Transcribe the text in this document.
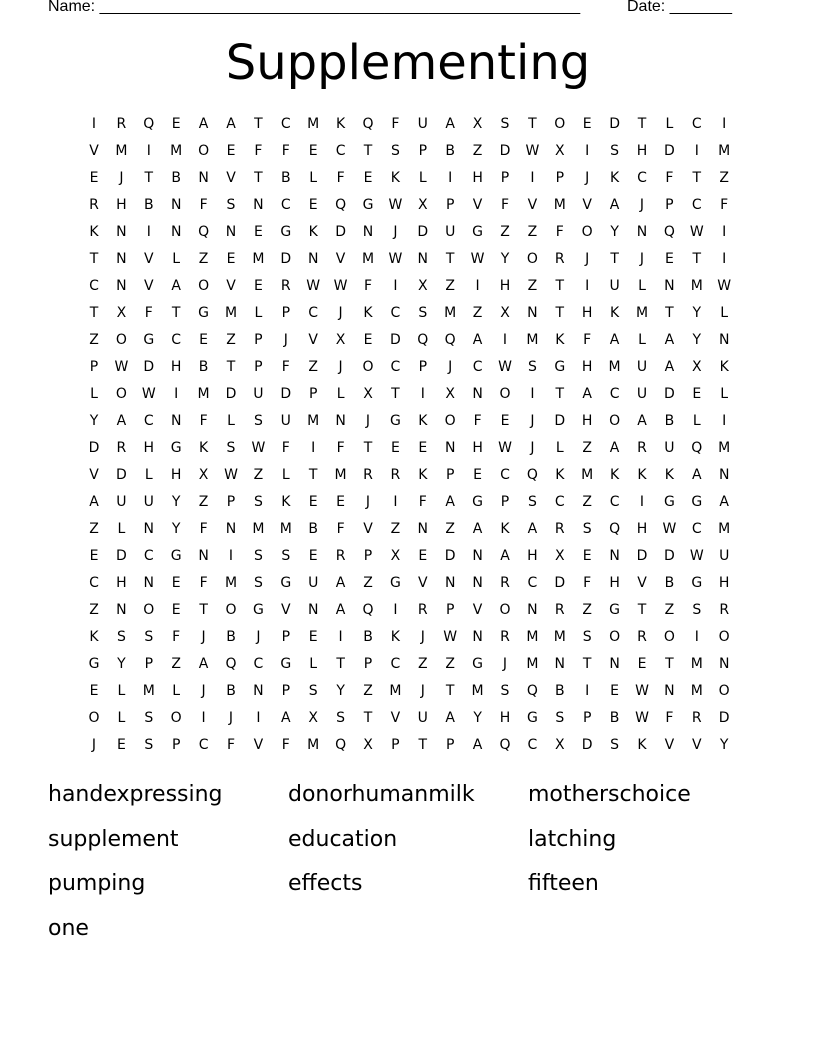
Name: ______________________________________________________	Date: _______
Supplementing
I	R	Q	E	A	A	T	C	M	K	Q	F	U	A	X	S	T	O	E	D	T	L	C	I
V	M	I	M	O	E	F	F	E	C	T	S	P	B	Z	D	W	X	I	S	H	D	I	M
E	J	T	B	N	V	T	B	L	F	E	K	L	I	H	P	I	P	J	K	C	F	T	Z
R	H	B	N	F	S	N	C	E	Q	G	W	X	P	V	F	V	M	V	A	J	P	C	F
K	N	I	N	Q	N	E	G	K	D	N	J	D	U	G	Z	Z	F	O	Y	N	Q	W	I
T	N	V	L	Z	E	M	D	N	V	M	W	N	T	W	Y	O	R	J	T	J	E	T	I
C	N	V	A	O	V	E	R	W W	F	I	X	Z	I	H	Z	T	I	U	L	N	M	W
T	X	F	T	G	M	L	P	C	J	K	C	S	M	Z	X	N	T	H	K	M	T	Y	L
Z	O	G	C	E	Z	P	J	V	X	E	D	Q	Q	A	I	M	K	F	A	L	A	Y	N
P	W	D	H	B	T	P	F	Z	J	O	C	P	J	C	W	S	G	H	M	U	A	X	K
L	O	W	I	M	D	U	D	P	L	X	T	I	X	N	O	I	T	A	C	U	D	E	L
Y	A	C	N	F	L	S	U	M	N	J	G	K	O	F	E	J	D	H	O	A	B	L	I
D	R	H	G	K	S	W	F	I	F	T	E	E	N	H	W	J	L	Z	A	R	U	Q	M
V	D	L	H	X	W	Z	L	T	M	R	R	K	P	E	C	Q	K	M	K	K	K	A	N
A	U	U	Y	Z	P	S	K	E	E	J	I	F	A	G	P	S	C	Z	C	I	G	G	A
Z	L	N	Y	F	N	M	M	B	F	V	Z	N	Z	A	K	A	R	S	Q	H	W	C	M
E	D	C	G	N	I	S	S	E	R	P	X	E	D	N	A	H	X	E	N	D	D	W	U
C	H	N	E	F	M	S	G	U	A	Z	G	V	N	N	R	C	D	F	H	V	B	G	H
Z	N	O	E	T	O	G	V	N	A	Q	I	R	P	V	O	N	R	Z	G	T	Z	S	R
K	S	S	F	J	B	J	P	E	I	B	K	J	W	N	R	M	M	S	O	R	O	I	O
G	Y	P	Z	A	Q	C	G	L	T	P	C	Z	Z	G	J	M	N	T	N	E	T	M	N
E	L	M	L	J	B	N	P	S	Y	Z	M	J	T	M	S	Q	B	I	E	W	N	M	O
O	L	S	O	I	J	I	A	X	S	T	V	U	A	Y	H	G	S	P	B	W	F	R	D
J	E	S	P	C	F	V	F	M	Q	X	P	T	P	A	Q	C	X	D	S	K	V	V	Y
handexpressing	donorhumanmilk motherschoice
supplement	education	latching
pumping	effects	fifteen
one
